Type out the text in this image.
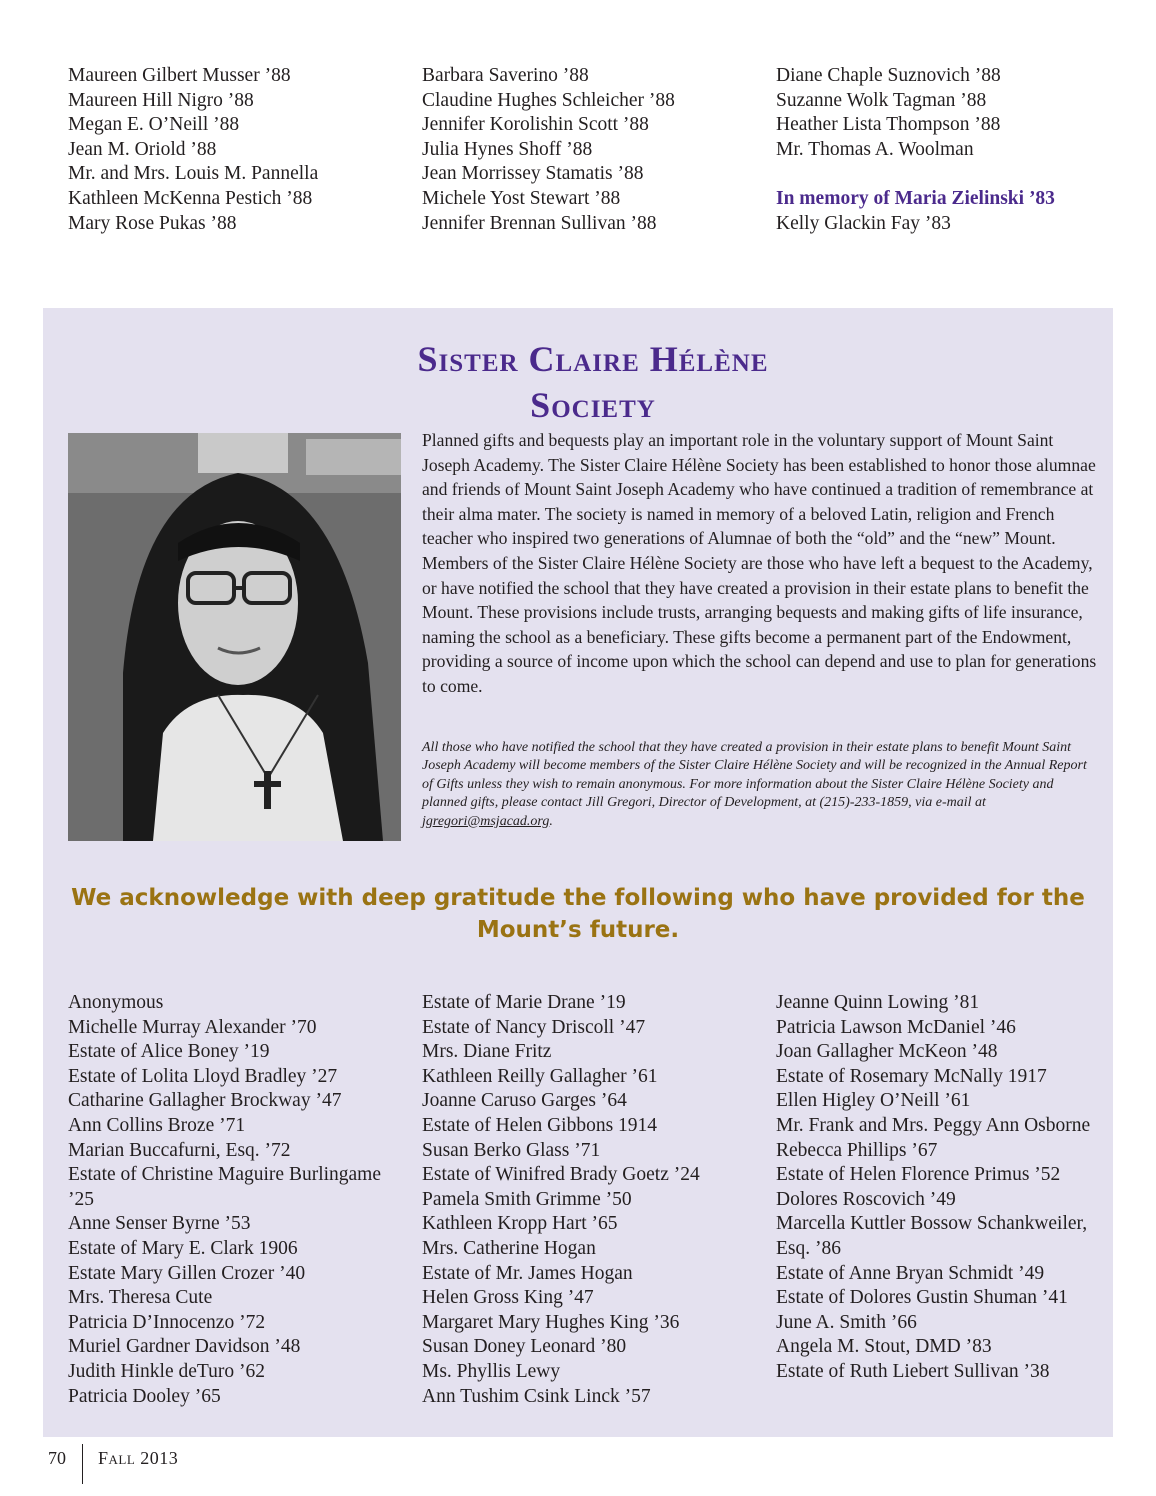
Maureen Gilbert Musser ’88
Maureen Hill Nigro ’88
Megan E. O’Neill ’88
Jean M. Oriold ’88
Mr. and Mrs. Louis M. Pannella
Kathleen McKenna Pestich ’88
Mary Rose Pukas ’88
Barbara Saverino ’88
Claudine Hughes Schleicher ’88
Jennifer Korolishin Scott ’88
Julia Hynes Shoff ’88
Jean Morrissey Stamatis ’88
Michele Yost Stewart ’88
Jennifer Brennan Sullivan ’88
Diane Chaple Suznovich ’88
Suzanne Wolk Tagman ’88
Heather Lista Thompson ’88
Mr. Thomas A. Woolman
In memory of Maria Zielinski ’83
Kelly Glackin Fay ’83
Sister Claire Hélène
Society

Planned gifts and bequests play an important role in the voluntary support of Mount Saint Joseph Academy. The Sister Claire Hélène Society has been established to honor those alumnae and friends of Mount Saint Joseph Academy who have continued a tradition of remembrance at their alma mater. The society is named in memory of a beloved Latin, religion and French teacher who inspired two generations of Alumnae of both the “old” and the “new” Mount. Members of the Sister Claire Hélène Society are those who have left a bequest to the Academy, or have notified the school that they have created a provision in their estate plans to benefit the Mount. These provisions include trusts, arranging bequests and making gifts of life insurance, naming the school as a beneficiary. These gifts become a permanent part of the Endowment, providing a source of income upon which the school can depend and use to plan for generations to come.

All those who have notified the school that they have created a provision in their estate plans to benefit Mount Saint Joseph Academy will become members of the Sister Claire Hélène Society and will be recognized in the Annual Report of Gifts unless they wish to remain anonymous. For more information about the Sister Claire Hélène Society and planned gifts, please contact Jill Gregori, Director of Development, at (215)-233-1859, via e-mail at jgregori@msjacad.org.

We acknowledge with deep gratitude the following who have provided for the Mount’s future.
Anonymous
Michelle Murray Alexander ’70
Estate of Alice Boney ’19
Estate of Lolita Lloyd Bradley ’27
Catharine Gallagher Brockway ’47
Ann Collins Broze ’71
Marian Buccafurni, Esq. ’72
Estate of Christine Maguire Burlingame ’25
Anne Senser Byrne ’53
Estate of Mary E. Clark 1906
Estate Mary Gillen Crozer ’40
Mrs. Theresa Cute
Patricia D’Innocenzo ’72
Muriel Gardner Davidson ’48
Judith Hinkle deTuro ’62
Patricia Dooley ’65
Estate of Marie Drane ’19
Estate of Nancy Driscoll ’47
Mrs. Diane Fritz
Kathleen Reilly Gallagher ’61
Joanne Caruso Garges ’64
Estate of Helen Gibbons 1914
Susan Berko Glass ’71
Estate of Winifred Brady Goetz ’24
Pamela Smith Grimme ’50
Kathleen Kropp Hart ’65
Mrs. Catherine Hogan
Estate of Mr. James Hogan
Helen Gross King ’47
Margaret Mary Hughes King ’36
Susan Doney Leonard ’80
Ms. Phyllis Lewy
Ann Tushim Csink Linck ’57
Jeanne Quinn Lowing ’81
Patricia Lawson McDaniel ’46
Joan Gallagher McKeon ’48
Estate of Rosemary McNally 1917
Ellen Higley O’Neill ’61
Mr. Frank and Mrs. Peggy Ann Osborne
Rebecca Phillips ’67
Estate of Helen Florence Primus ’52
Dolores Roscovich ’49
Marcella Kuttler Bossow Schankweiler, Esq. ’86
Estate of Anne Bryan Schmidt ’49
Estate of Dolores Gustin Shuman ’41
June A. Smith ’66
Angela M. Stout, DMD ’83
Estate of Ruth Liebert Sullivan ’38
70 Fall 2013
